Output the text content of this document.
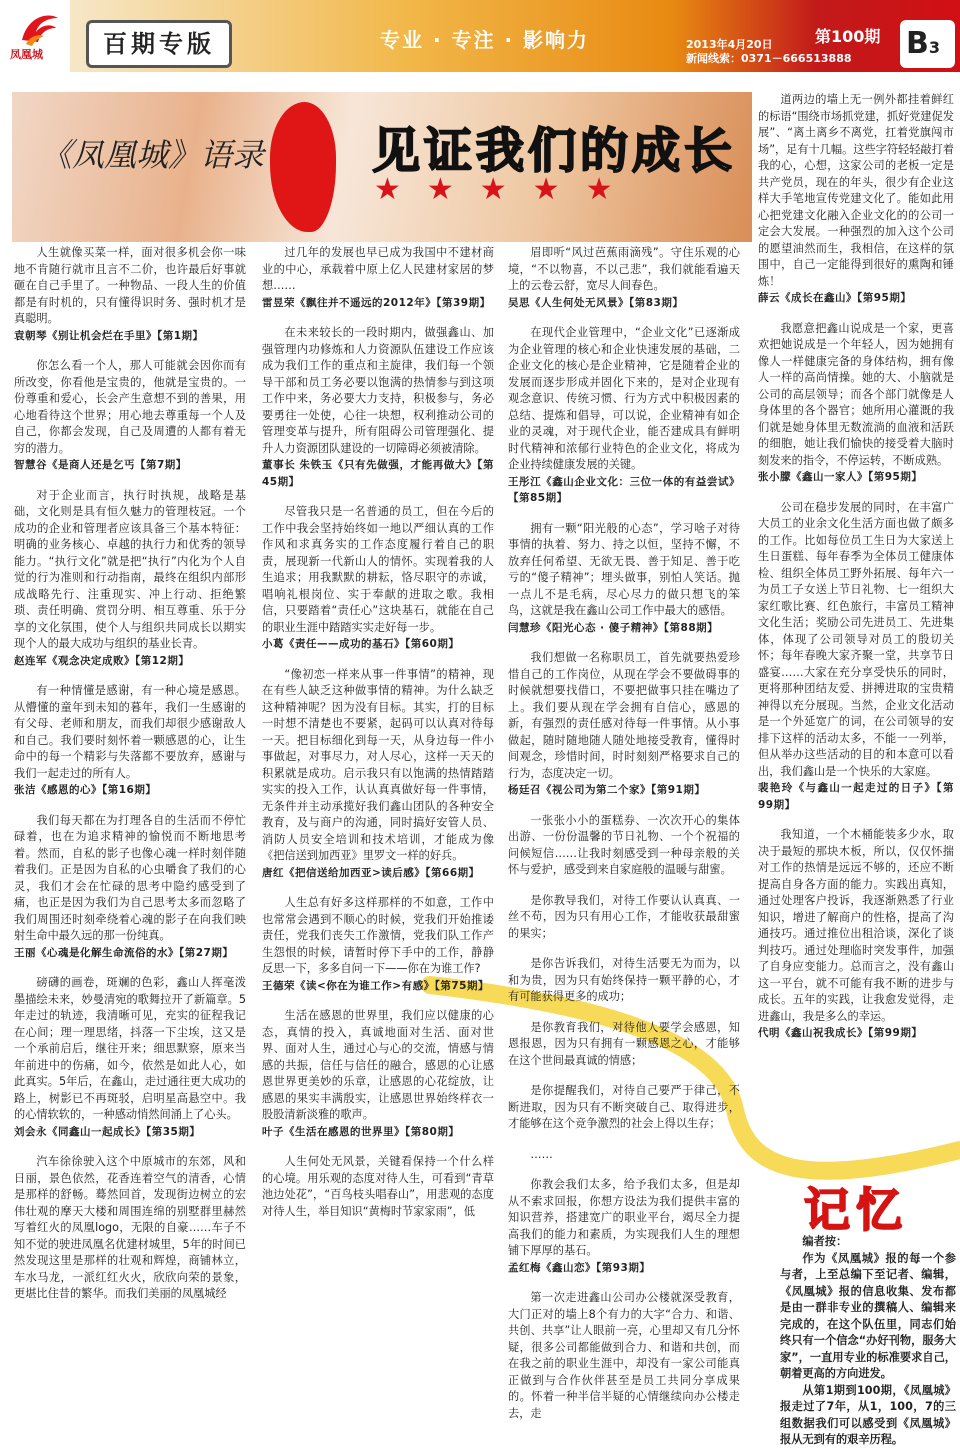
凤凰城	百期专版	专业 · 专注 · 影响力	第100期
2013年4月20日
新闻线索：0371－666513888 B3
《凤凰城》语录 见证我们的成长
★★★★★

人生就像买菜一样，面对很多机会你一味地不肯随行就市且言不二价，也许最后好事就砸在自己手里了。一种物品、一段人生的价值都是有时机的，只有懂得识时务、强时机才是真聪明。

袁朝琴《别让机会烂在手里》【第1期】

你怎么看一个人，那人可能就会因你而有所改变，你看他是宝贵的，他就是宝贵的。一份尊重和爱心，长会产生意想不到的善果，用心地看待这个世界；用心地去尊重每一个人及自己，你都会发现，自己及周遭的人都有着无穷的潜力。

智慧谷《是商人还是乞丐【第7期】

对于企业而言，执行时执规，战略是基础，文化则是具有恒久魅力的管理枝冠。一个成功的企业和管理者应该具备三个基本特征：明确的业务核心、卓越的执行力和优秀的领导能力。“执行文化”就是把“执行”内化为个人自觉的行为准则和行动指南，最终在组织内部形成战略先行、注重现实、冲上行动、拒绝繁琐、责任明确、赏罚分明、相互尊重、乐于分享的文化氛围，使个人与组织共同成长以期实现个人的最大成功与组织的基业长青。

赵连军《观念决定成败》【第12期】

有一种情懂是感谢，有一种心境是感恩。从懵懂的童年到未知的暮年，我们一生感谢的有父母、老师和朋友，而我们却很少感谢敌人和自己。我们要时刻怀着一颗感恩的心，让生命中的每一个精彩与失落都不要放弃，感谢与我们一起走过的所有人。

张洁《感恩的心》【第16期】

我们每天都在为打理各自的生活而不停忙碌着，也在为追求精神的愉悦而不断地思考着。然而，自私的影子也像心魂一样时刻伴随着我们。正是因为自私的心虫嚼食了我们的心灵，我们才会在忙碌的思考中隐约感受到了痛，也正是因为我们为自己思考太多而忽略了我们周围还时刻牵绕着心魂的影子在向我们映射生命中最久远的那一份纯真。

王丽《心魂是化解生命流俗的水》【第27期】

磅礴的画卷，斑斓的色彩，鑫山人挥毫泼墨描绘未来，妙曼清宛的歌舞拉开了新篇章。5年走过的轨迹，我清晰可见，充实的征程我记在心间；理一理思绪，抖落一下尘埃，这又是一个承前启后，继往开来；细思默察，原来当年前进中的伤痛，如今，依然是如此人心，如此真实。5年后，在鑫山，走过通往更大成功的路上，树影已不再斑驳，启明星高悬空中。我的心情软软的，一种感动悄然间涌上了心头。

刘会永《同鑫山一起成长》【第35期】

汽车徐徐驶入这个中原城市的东郊，风和日丽，景色依然，花香连着空气的清香，心情是那样的舒畅。蓦然回首，发现街边树立的宏伟壮观的摩天大楼和周围连绵的别墅群里赫然写着红火的凤凰logo，无限的自豪……车子不知不觉的驶进凤凰名优建材城里，5年的时间已然发现这里是那样的壮观和辉煌，商铺林立，车水马龙，一派红红火火，欣欣向荣的景象，更堪比住昔的繁华。而我们美丽的凤凰城经

过几年的发展也早已成为我国中不建材商业的中心，承载着中原上亿人民建材家居的梦想……

雷昱荣《飘往并不遥远的2012年》【第39期】

在未来较长的一段时期内，做强鑫山、加强管理内功修炼和人力资源队伍建设工作应该成为我们工作的重点和主旋律，我们每一个领导干部和员工务必要以饱满的热情参与到这项工作中来，务必要大力支持，积极参与，务必要勇往一处使，心往一块想，权利推动公司的管理变革与提升，所有阻碍公司管理强化、提升人力资源团队建设的一切障碍必须被清除。

董事长 朱铁玉《只有先做强，才能再做大》【第45期】

尽管我只是一名普通的员工，但在今后的工作中我会坚持始终如一地以严细认真的工作作风和求真务实的工作态度履行着自己的职责，展现新一代新山人的情怀。实现着我的人生追求；用我默默的耕耘，恪尽职守的赤诚，唱响礼根岗位、实于奉献的进取之歌。我相信，只要踏着“责任心”这块基石，就能在自己的职业生涯中踏踏实实走好每一步。

小葛《责任——成功的基石》【第60期】

“像初恋一样来从事一件事情”的精神，现在有些人缺乏这种做事情的精神。为什么缺乏这种精神呢？因为没有目标。其实，打的目标一时想不清楚也不要紧，起码可以认真对待每一天。把目标细化到每一天，从身边每一件小事做起，对事尽力，对人尽心，这样一天天的积累就是成功。启示我只有以饱满的热情踏踏实实的投入工作，认认真真做好每一件事情，无条件并主动承揽好我们鑫山团队的各种安全教育，及与商户的沟通，同时搞好安管人员、消防人员安全培训和技术培训，才能成为像《把信送到加西亚》里罗文一样的好兵。

唐红《把信送给加西亚>读后感》【第66期】

人生总有好多这样那样的不如意，工作中也常常会遇到不顺心的时候，党我们开始推诿责任，党我们丧失工作激情，党我们队工作产生怨恨的时候，请暂时停下手中的工作，静静反思一下，多多自问一下——你在为谁工作?

王德荣《读<你在为谁工作>有感》【第75期】

生活在感恩的世界里，我们应以健康的心态，真情的投入，真诚地面对生活、面对世界、面对人生，通过心与心的交流，情感与情感的共振，信任与信任的融合，感恩的心让感恩世界更美妙的乐章，让感恩的心花绽放，让感恩的果实丰满殷实，让感恩世界始终样衣一股股清新淡雅的歌声。

叶子《生活在感恩的世界里》【第80期】

人生何处无风景，关键看保持一个什么样的心境。用乐观的态度对待人生，可看到“青草池边处花”，“百鸟枝头唱春山”，用悲观的态度对待人生，举目知识“黄梅时节家家雨”，低

眉即听“风过芭蕉雨滴残”。守住乐观的心境，“不以物喜，不以己悲”，我们就能看遍天上的云卷云舒，宽尽人间春色。

吴思《人生何处无风景》【第83期】

在现代企业管理中，“企业文化”已逐渐成为企业管理的核心和企业快速发展的基础，二企业文化的核心是企业精神，它是随着企业的发展而逐步形成并固化下来的，是对企业现有观念意识、传统习惯、行为方式中积极因素的总结、提炼和倡导，可以说，企业精神有如企业的灵魂，对于现代企业，能否建成具有鲜明时代精神和浓郁行业特色的企业文化，将成为企业持续健康发展的关键。

王彤江《鑫山企业文化：三位一体的有益尝试》【第85期】

拥有一颗“阳光般的心态”，学习啥子对待事情的执着、努力、持之以恒，坚持不懈，不放弃任何希望、无欲无畏、善于知足、善于吃亏的“傻子精神”；埋头做事，别怕人笑话。抛一点儿不是毛病，尽心尽力的做只想飞的笨鸟，这就是我在鑫山公司工作中最大的感悟。

闫慧珍《阳光心态 · 傻子精神》【第88期】

我们想做一名称职员工，首先就要热爱珍惜自己的工作岗位，从现在学会不要做碍事的时候就想要找借口，不要把做事只挂在嘴边了上。我们要从现在学会拥有自信心，感恩的新，有强烈的责任感对待每一件事情。从小事做起，随时随地随人随处地接受教育，懂得时间观念，珍惜时间，时时刻刻严格要求自己的行为，态度决定一切。

杨廷召《视公司为第二个家》【第91期】

一张张小小的蛋糕券、一次次开心的集体出游、一份份温馨的节日礼物、一个个祝福的问候短信……让我时刻感受到一种母亲般的关怀与爱护，感受到来自家庭般的温暖与甜蜜。

是你教导我们，对待工作要认认真真、一丝不苟，因为只有用心工作，才能收获最甜蜜的果实；

是你告诉我们，对待生活要无为而为，以和为贵，因为只有始终保持一颗平静的心，才有可能获得更多的成功；

是你教育我们，对待他人要学会感恩，知恩报恩，因为只有拥有一颗感恩之心，才能够在这个世间最真诚的情感；

是你提醒我们，对待自己要严于律己，不断进取，因为只有不断突破自己、取得进步，才能够在这个竞争激烈的社会上得以生存；

……

你教会我们太多，给予我们太多，但是却从不索求回报，你想方设法为我们提供丰富的知识营养，搭建宽广的职业平台，竭尽全力提高我们的能力和素质，为实现我们人生的理想铺下厚厚的基石。

孟红梅《鑫山恋》【第93期】

第一次走进鑫山公司办公楼就深受教育，大门正对的墙上8个有力的大字“合力、和谐、共创、共享”让人眼前一亮，心里却又有几分怀疑，很多公司都能做到合力、和谐和共创，而在我之前的职业生涯中，却没有一家公司能真正做到与合作伙伴甚至是员工共同分享成果的。怀着一种半信半疑的心情继续向办公楼走去，走

道两边的墙上无一例外都挂着鲜红的标语“围绕市场抓党建，抓好党建促发展”、“离土离乡不离党，扛着党旗闯市场”，足有十几幅。这些字符轻轻敲打着我的心，心想，这家公司的老板一定是共产党员，现在的年头，很少有企业这样大手笔地宣传党建文化了。能如此用心把党建文化融入企业文化的的公司一定会大发展。一种强烈的加入这个公司的愿望油然而生，我相信，在这样的氛围中，自己一定能得到很好的熏陶和锤炼！

薛云《成长在鑫山》【第95期】

我愿意把鑫山说成是一个家，更喜欢把她说成是一个年轻人，因为她拥有像人一样健康完备的身体结构，拥有像人一样的高尚情操。她的大、小脑就是公司的高层领导；而各个部门就像是人身体里的各个器官；她所用心灌溉的我们就是她身体里无数流淌的血液和活跃的细胞，她让我们愉快的接受着大脑时刻发来的指令，不停运转，不断成熟。

张小朦《鑫山一家人》【第95期】

公司在稳步发展的同时，在丰富广大员工的业余文化生活方面也做了颇多的工作。比如每位员工生日为大家送上生日蛋糕、每年春季为全体员工健康体检、组织全体员工野外拓展、每年六一为员工子女送上节日礼物、七一组织大家红歌比赛、红色旅行，丰富员工精神文化生活；奖励公司先进员工、先进集体，体现了公司领导对员工的殷切关怀；每年春晚大家齐聚一堂，共享节日盛宴……大家在充分享受快乐的同时，更将那种团结友爱、拼搏进取的宝贵精神得以充分展现。当然，企业文化活动是一个外延宽广的词，在公司领导的安排下这样的活动太多，不能一一列举，但从举办这些活动的目的和本意可以看出，我们鑫山是一个快乐的大家庭。

裴艳玲《与鑫山一起走过的日子》【第99期】

我知道，一个木桶能装多少水，取决于最短的那块木板，所以，仅仅怀揣对工作的热情是远远不够的，还应不断提高自身各方面的能力。实践出真知，通过处理客户投诉，我逐渐熟悉了行业知识，增进了解商户的性格，提高了沟通技巧。通过推位出租洽谈，深化了谈判技巧。通过处理临时突发事件，加强了自身应变能力。总而言之，没有鑫山这一平台，就不可能有我不断的进步与成长。五年的实践，让我愈发觉得，走进鑫山，我是多么的幸运。

代明《鑫山祝我成长》【第99期】

记忆

编者按：

作为《凤凰城》报的每一个参与者，上至总编下至记者、编辑，《凤凰城》报的信息收集、发布都是由一群非专业的撰稿人、编辑来完成的，在这个队伍里，同志们始终只有一个信念“办好刊物，服务大家”，一直用专业的标准要求自己，朝着更高的方向进发。

从第1期到100期，《凤凰城》报走过了7年，从1，100，7的三组数据我们可以感受到《凤凰城》报从无到有的艰辛历程。
